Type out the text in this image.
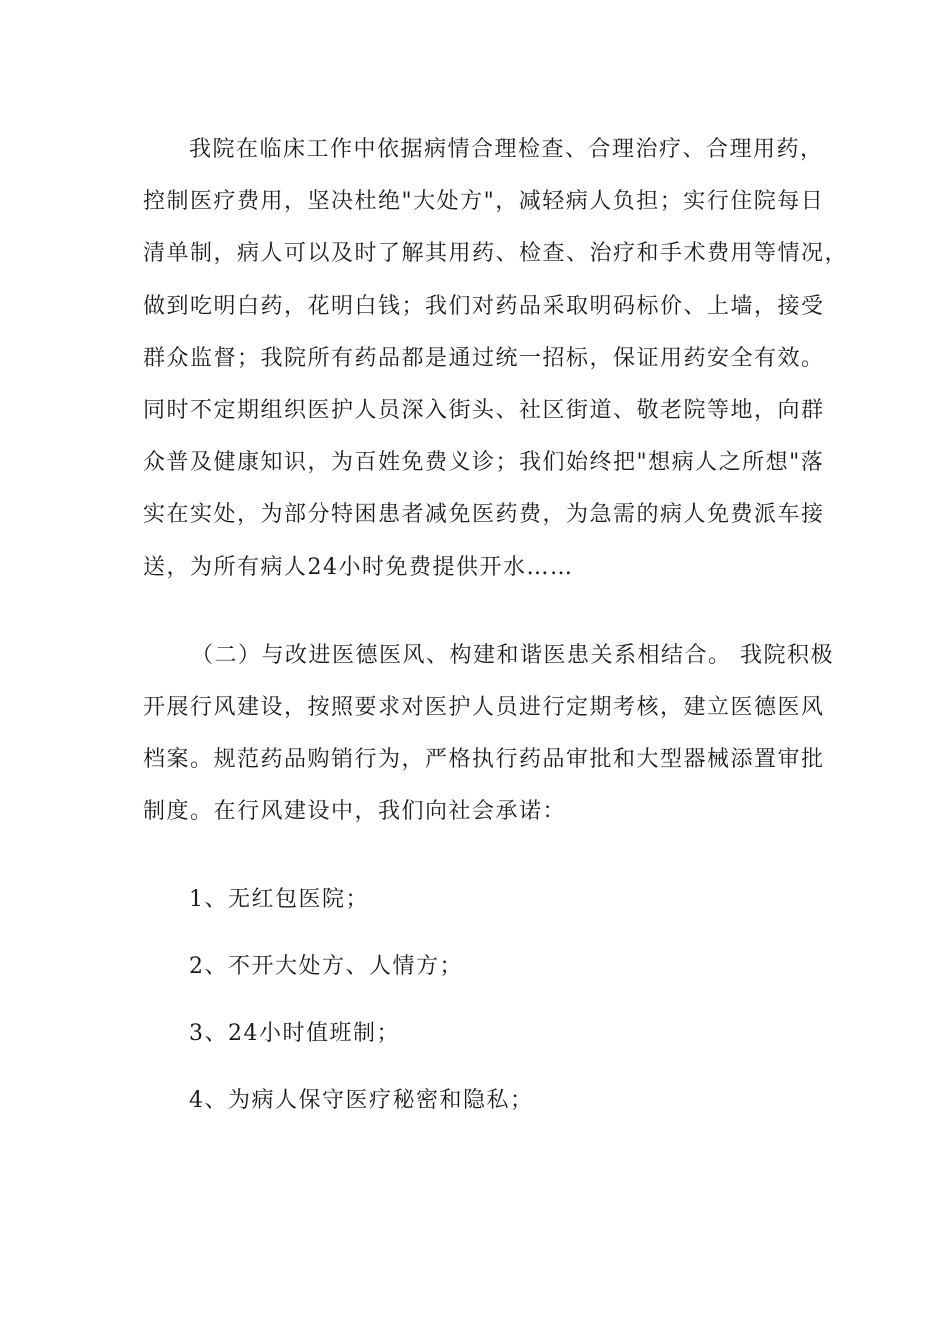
我院在临床工作中依据病情合理检查、合理治疗、合理用药，
控制医疗费用，坚决杜绝"大处方"，减轻病人负担；实行住院每日
清单制，病人可以及时了解其用药、检查、治疗和手术费用等情况，
做到吃明白药，花明白钱；我们对药品采取明码标价、上墙，接受
群众监督；我院所有药品都是通过统一招标，保证用药安全有效。
同时不定期组织医护人员深入街头、社区街道、敬老院等地，向群
众普及健康知识，为百姓免费义诊；我们始终把"想病人之所想"落
实在实处，为部分特困患者减免医药费，为急需的病人免费派车接
送，为所有病人24小时免费提供开水……
（二）与改进医德医风、构建和谐医患关系相结合。 我院积极
开展行风建设，按照要求对医护人员进行定期考核，建立医德医风
档案。规范药品购销行为，严格执行药品审批和大型器械添置审批
制度。在行风建设中，我们向社会承诺：
1、无红包医院；
2、不开大处方、人情方；
3、24小时值班制；
4、为病人保守医疗秘密和隐私；
